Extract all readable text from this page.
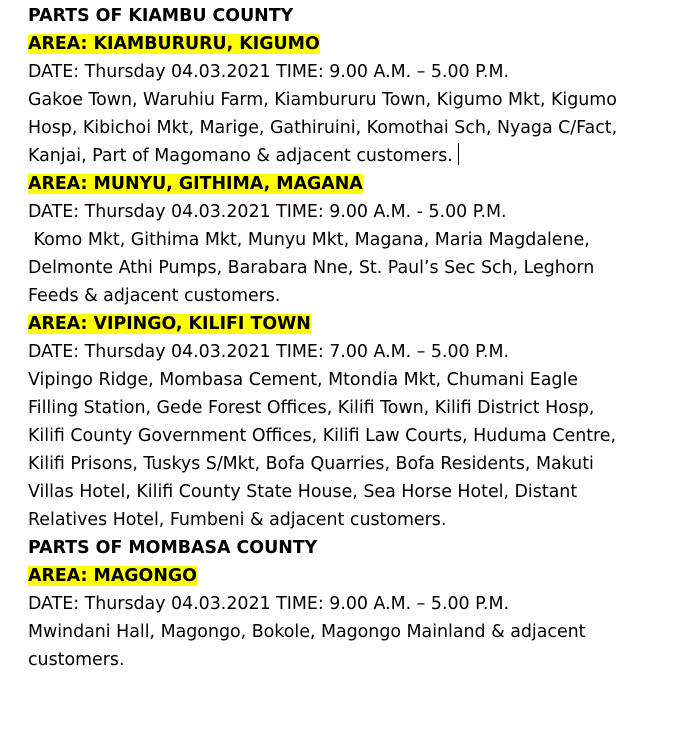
PARTS OF KIAMBU COUNTY
AREA: KIAMBURURU, KIGUMO
DATE: Thursday 04.03.2021 TIME: 9.00 A.M. – 5.00 P.M.
Gakoe Town, Waruhiu Farm, Kiambururu Town, Kigumo Mkt, Kigumo
Hosp, Kibichoi Mkt, Marige, Gathiruini, Komothai Sch, Nyaga C/Fact,
Kanjai, Part of Magomano & adjacent customers.
AREA: MUNYU, GITHIMA, MAGANA
DATE: Thursday 04.03.2021 TIME: 9.00 A.M. - 5.00 P.M.
Komo Mkt, Githima Mkt, Munyu Mkt, Magana, Maria Magdalene,
Delmonte Athi Pumps, Barabara Nne, St. Paul’s Sec Sch, Leghorn
Feeds & adjacent customers.
AREA: VIPINGO, KILIFI TOWN
DATE: Thursday 04.03.2021 TIME: 7.00 A.M. – 5.00 P.M.
Vipingo Ridge, Mombasa Cement, Mtondia Mkt, Chumani Eagle
Filling Station, Gede Forest Offices, Kilifi Town, Kilifi District Hosp,
Kilifi County Government Offices, Kilifi Law Courts, Huduma Centre,
Kilifi Prisons, Tuskys S/Mkt, Bofa Quarries, Bofa Residents, Makuti
Villas Hotel, Kilifi County State House, Sea Horse Hotel, Distant
Relatives Hotel, Fumbeni & adjacent customers.
PARTS OF MOMBASA COUNTY
AREA: MAGONGO
DATE: Thursday 04.03.2021 TIME: 9.00 A.M. – 5.00 P.M.
Mwindani Hall, Magongo, Bokole, Magongo Mainland & adjacent
customers.
